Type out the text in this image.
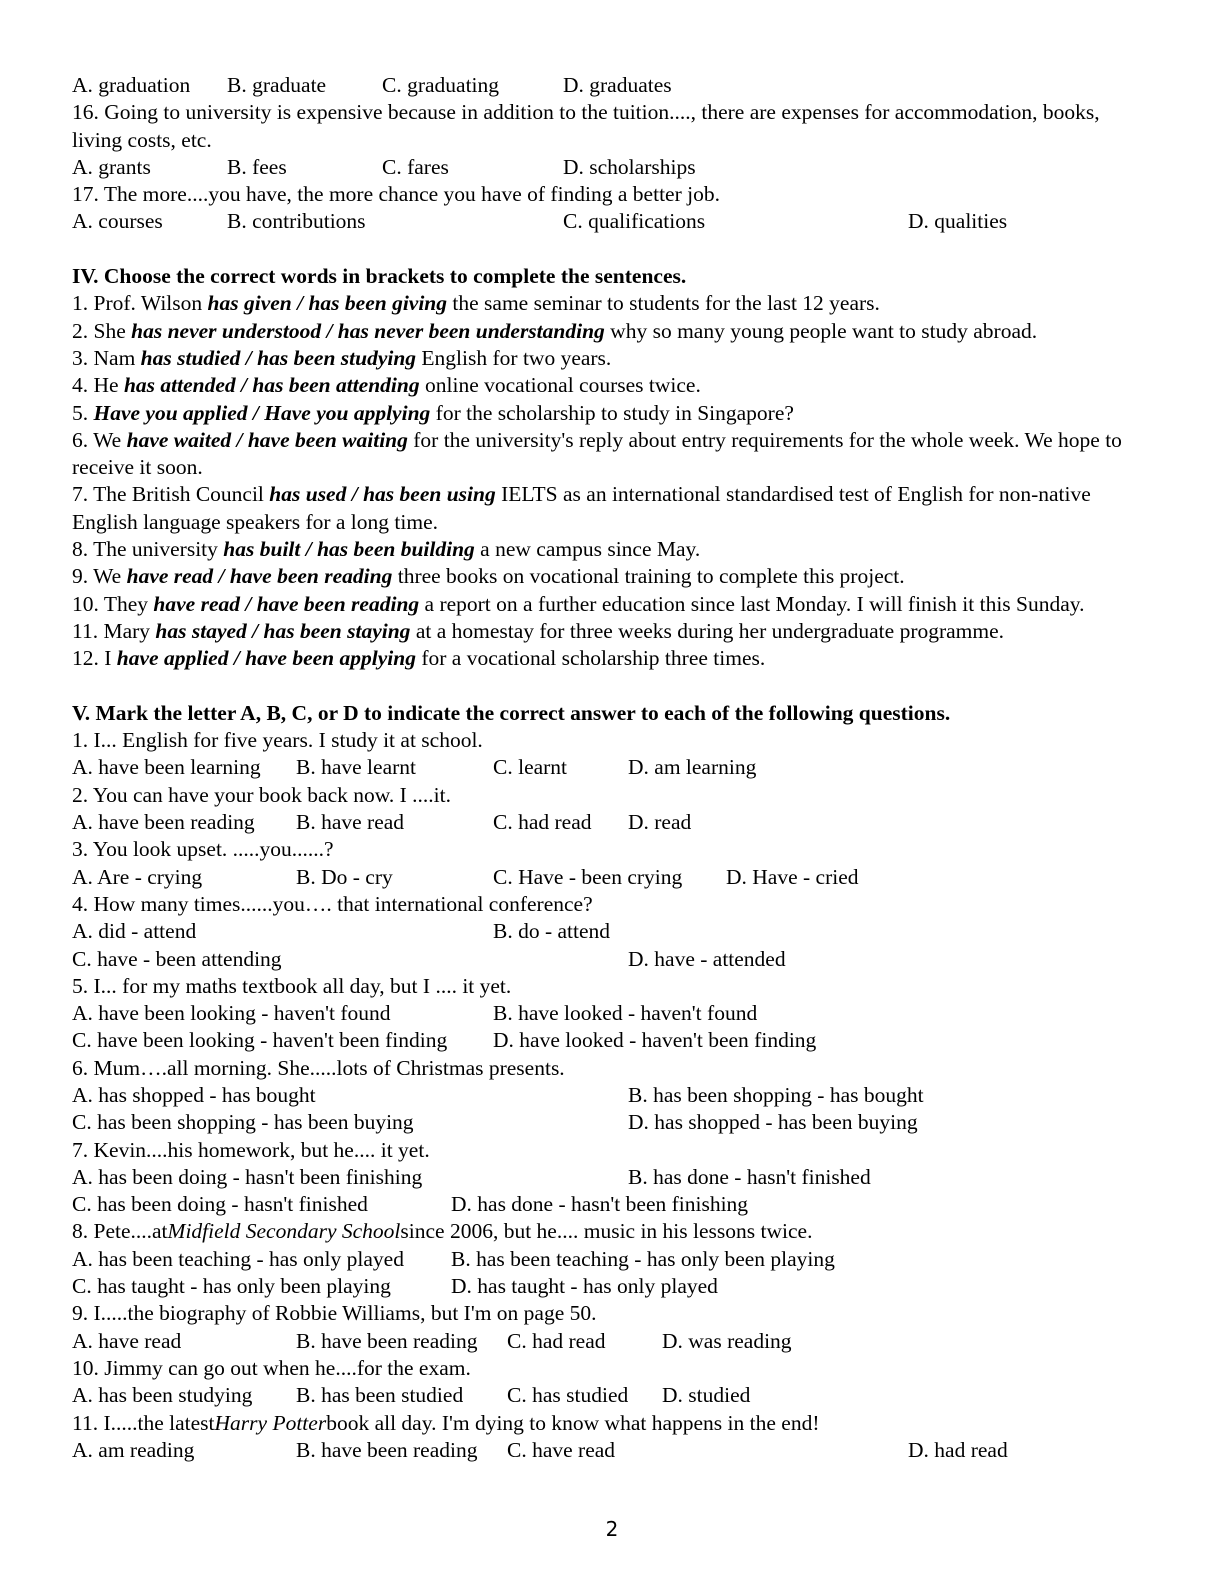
A. graduation	B. graduate	C. graduating	D. graduates
16. Going to university is expensive because in addition to the tuition...., there are expenses for accommodation, books, living costs, etc.
A. grants	B. fees	C. fares	D. scholarships
17. The more....you have, the more chance you have of finding a better job.
A. courses	B. contributions	C. qualifications	D. qualities
IV. Choose the correct words in brackets to complete the sentences.
1. Prof. Wilson has given / has been giving the same seminar to students for the last 12 years.
2. She has never understood / has never been understanding why so many young people want to study abroad.
3. Nam has studied / has been studying English for two years.
4. He has attended / has been attending online vocational courses twice.
5. Have you applied / Have you applying for the scholarship to study in Singapore?
6. We have waited / have been waiting for the university's reply about entry requirements for the whole week. We hope to receive it soon.
7. The British Council has used / has been using IELTS as an international standardised test of English for non-native English language speakers for a long time.
8. The university has built / has been building a new campus since May.
9. We have read / have been reading three books on vocational training to complete this project.
10. They have read / have been reading a report on a further education since last Monday. I will finish it this Sunday.
11. Mary has stayed / has been staying at a homestay for three weeks during her undergraduate programme.
12. I have applied / have been applying for a vocational scholarship three times.
V. Mark the letter A, B, C, or D to indicate the correct answer to each of the following questions.
1. I... English for five years. I study it at school.
A. have been learning	B. have learnt	C. learnt	D. am learning
2. You can have your book back now. I ....it.
A. have been reading	B. have read	C. had read	D. read
3. You look upset. .....you......?
A. Are - crying	B. Do - cry	C. Have - been crying	D. Have - cried
4. How many times......you…. that international conference?
A. did - attend	B. do - attend
C. have - been attending	D. have - attended
5. I... for my maths textbook all day, but I .... it yet.
A. have been looking - haven't found	B. have looked - haven't found
C. have been looking - haven't been finding	D. have looked - haven't been finding
6. Mum….all morning. She.....lots of Christmas presents.
A. has shopped - has bought	B. has been shopping - has bought
C. has been shopping - has been buying	D. has shopped - has been buying
7. Kevin....his homework, but he.... it yet.
A. has been doing - hasn't been finishing	B. has done - hasn't finished
C. has been doing - hasn't finished	D. has done - hasn't been finishing
8. Pete....at Midfield Secondary School since 2006, but he.... music in his lessons twice.
A. has been teaching - has only played	B. has been teaching - has only been playing
C. has taught - has only been playing	D. has taught - has only played
9. I.....the biography of Robbie Williams, but I'm on page 50.
A. have read	B. have been reading	C. had read	D. was reading
10. Jimmy can go out when he....for the exam.
A. has been studying	B. has been studied	C. has studied	D. studied
11. I.....the latest Harry Potter book all day. I'm dying to know what happens in the end!
A. am reading	B. have been reading	C. have read	D. had read
2
